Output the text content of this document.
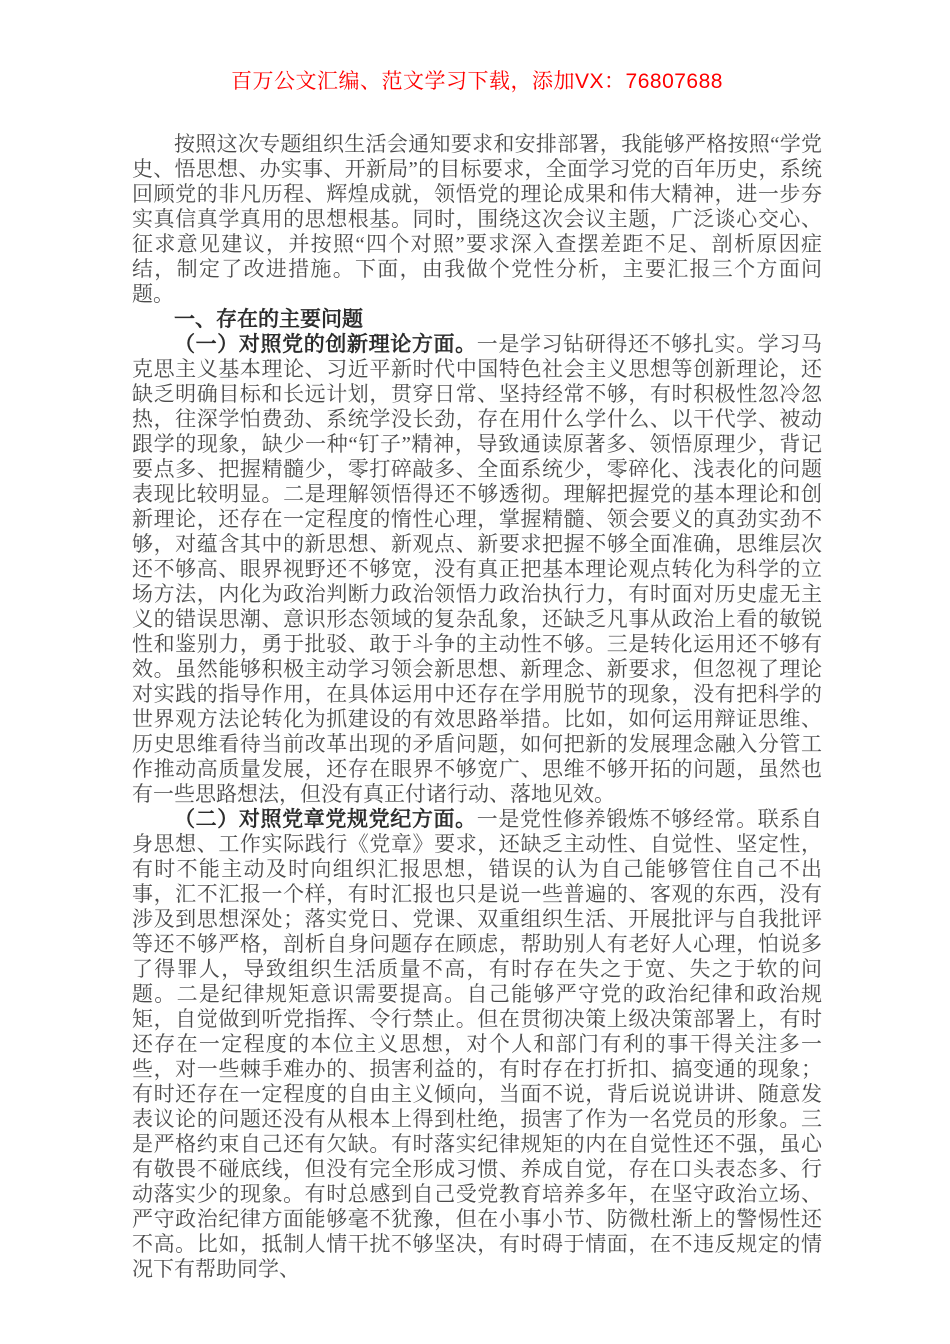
百万公文汇编、范文学习下载，添加VX：76807688

按照这次专题组织生活会通知要求和安排部署，我能够严格按照“学党史、悟思想、办实事、开新局”的目标要求，全面学习党的百年历史，系统回顾党的非凡历程、辉煌成就，领悟党的理论成果和伟大精神，进一步夯实真信真学真用的思想根基。同时，围绕这次会议主题，广泛谈心交心、征求意见建议，并按照“四个对照”要求深入查摆差距不足、剖析原因症结，制定了改进措施。下面，由我做个党性分析，主要汇报三个方面问题。

一、存在的主要问题

（一）对照党的创新理论方面。一是学习钻研得还不够扎实。学习马克思主义基本理论、习近平新时代中国特色社会主义思想等创新理论，还缺乏明确目标和长远计划，贯穿日常、坚持经常不够，有时积极性忽冷忽热，往深学怕费劲、系统学没长劲，存在用什么学什么、以干代学、被动跟学的现象，缺少一种“钉子”精神，导致通读原著多、领悟原理少，背记要点多、把握精髓少，零打碎敲多、全面系统少，零碎化、浅表化的问题表现比较明显。二是理解领悟得还不够透彻。理解把握党的基本理论和创新理论，还存在一定程度的惰性心理，掌握精髓、领会要义的真劲实劲不够，对蕴含其中的新思想、新观点、新要求把握不够全面准确，思维层次还不够高、眼界视野还不够宽，没有真正把基本理论观点转化为科学的立场方法，内化为政治判断力政治领悟力政治执行力，有时面对历史虚无主义的错误思潮、意识形态领域的复杂乱象，还缺乏凡事从政治上看的敏锐性和鉴别力，勇于批驳、敢于斗争的主动性不够。三是转化运用还不够有效。虽然能够积极主动学习领会新思想、新理念、新要求，但忽视了理论对实践的指导作用，在具体运用中还存在学用脱节的现象，没有把科学的世界观方法论转化为抓建设的有效思路举措。比如，如何运用辩证思维、历史思维看待当前改革出现的矛盾问题，如何把新的发展理念融入分管工作推动高质量发展，还存在眼界不够宽广、思维不够开拓的问题，虽然也有一些思路想法，但没有真正付诸行动、落地见效。

（二）对照党章党规党纪方面。一是党性修养锻炼不够经常。联系自身思想、工作实际践行《党章》要求，还缺乏主动性、自觉性、坚定性，有时不能主动及时向组织汇报思想，错误的认为自己能够管住自己不出事，汇不汇报一个样，有时汇报也只是说一些普遍的、客观的东西，没有涉及到思想深处；落实党日、党课、双重组织生活、开展批评与自我批评等还不够严格，剖析自身问题存在顾虑，帮助别人有老好人心理，怕说多了得罪人，导致组织生活质量不高，有时存在失之于宽、失之于软的问题。二是纪律规矩意识需要提高。自己能够严守党的政治纪律和政治规矩，自觉做到听党指挥、令行禁止。但在贯彻决策上级决策部署上，有时还存在一定程度的本位主义思想，对个人和部门有利的事干得关注多一些，对一些棘手难办的、损害利益的，有时存在打折扣、搞变通的现象；有时还存在一定程度的自由主义倾向，当面不说，背后说说讲讲、随意发表议论的问题还没有从根本上得到杜绝，损害了作为一名党员的形象。三是严格约束自己还有欠缺。有时落实纪律规矩的内在自觉性还不强，虽心有敬畏不碰底线，但没有完全形成习惯、养成自觉，存在口头表态多、行动落实少的现象。有时总感到自己受党教育培养多年，在坚守政治立场、严守政治纪律方面能够毫不犹豫，但在小事小节、防微杜渐上的警惕性还不高。比如，抵制人情干扰不够坚决，有时碍于情面，在不违反规定的情况下有帮助同学、
